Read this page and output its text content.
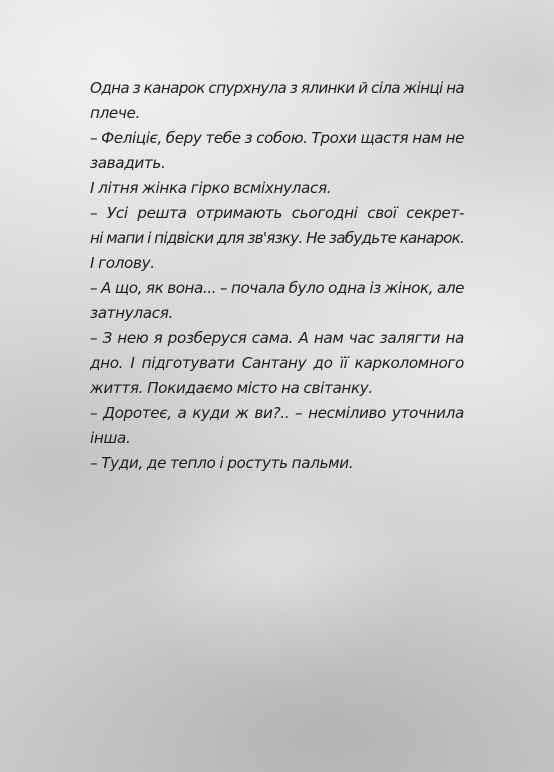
Одна з канарок спурхнула з ялинки й сіла жінці на
плече.

– Феліціє, беру тебе з собою. Трохи щастя нам не
завадить.

І літня жінка гірко всміхнулася.

– Усі решта отримають сьогодні свої секрет-
ні мапи і підвіски для зв'язку. Не забудьте канарок.
І голову.

– А що, як вона... – почала було одна із жінок, але
затнулася.

– З нею я розберуся сама. А нам час залягти на
дно. І підготувати Сантану до її карколомного
життя. Покидаємо місто на світанку.

– Доротеє, а куди ж ви?.. – несміливо уточнила
інша.

– Туди, де тепло і ростуть пальми.
